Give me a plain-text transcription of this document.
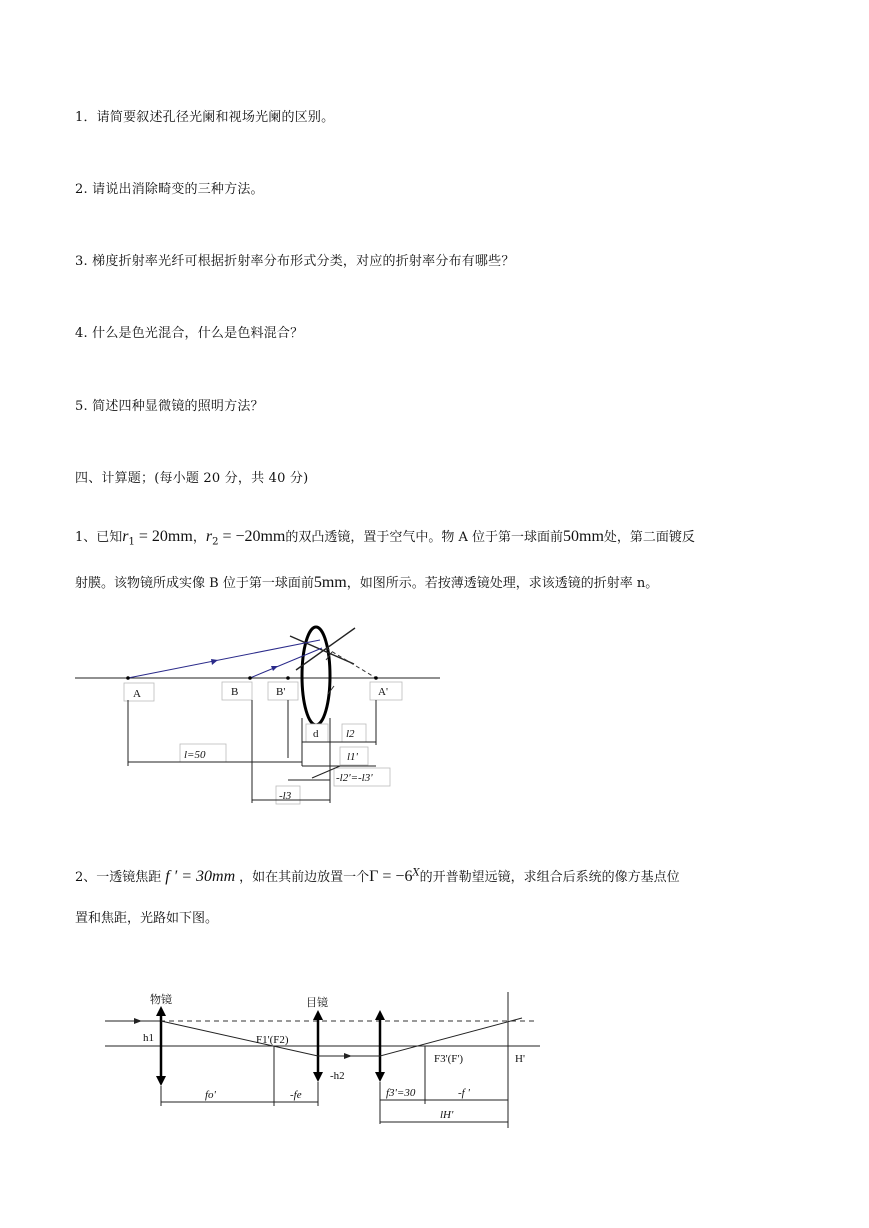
1．请简要叙述孔径光阑和视场光阑的区别。
2. 请说出消除畸变的三种方法。
3. 梯度折射率光纤可根据折射率分布形式分类，对应的折射率分布有哪些？
4. 什么是色光混合，什么是色料混合？
5. 简述四种显微镜的照明方法？
四、计算题；(每小题 20 分，共 40 分)
1、已知$r_1 = 20mm$，$r_2 = -20mm$的双凸透镜，置于空气中。物 A 位于第一球面前50mm处，第二面镀反
射膜。该物镜所成实像 B 位于第一球面前5mm，如图所示。若按薄透镜处理，求该透镜的折射率 n。
A	B	B'	A'
d	l2
l1'
l=50
-l2'=-l3'
-l3
2、一透镜焦距 f ′ = 30mm ，如在其前边放置一个$\Gamma = -6^X$的开普勒望远镜，求组合后系统的像方基点位
置和焦距，光路如下图。
物镜	目镜
h1	F1'(F2)
-h2
F3'(F')	H'
fo'	-fe	f3'=30	-f '
lH'
